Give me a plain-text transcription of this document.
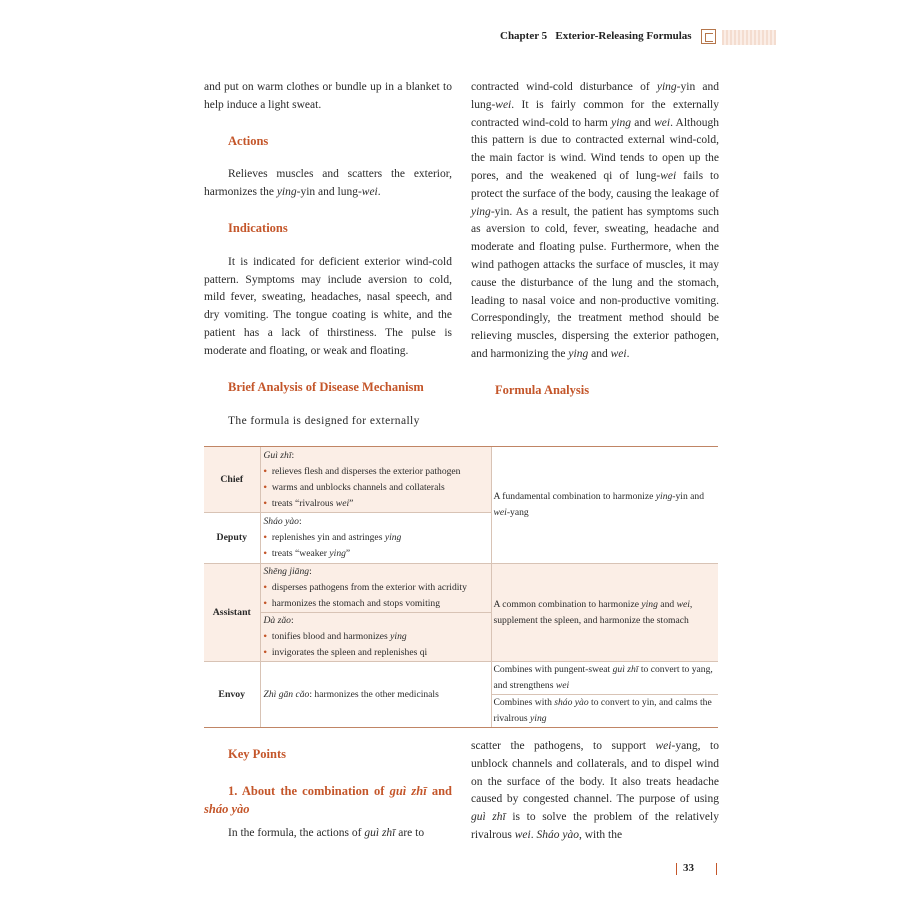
Chapter 5 Exterior-Releasing Formulas

and put on warm clothes or bundle up in a blanket to help induce a light sweat.

Actions

Relieves muscles and scatters the exterior, harmonizes the ying-yin and lung-wei.

Indications

It is indicated for deficient exterior wind-cold pattern. Symptoms may include aversion to cold, mild fever, sweating, headaches, nasal speech, and dry vomiting. The tongue coating is white, and the patient has a lack of thirstiness. The pulse is moderate and floating, or weak and floating.

Brief Analysis of Disease Mechanism

The formula is designed for externally

contracted wind-cold disturbance of ying-yin and lung-wei. It is fairly common for the externally contracted wind-cold to harm ying and wei. Although this pattern is due to contracted external wind-cold, the main factor is wind. Wind tends to open up the pores, and the weakened qi of lung-wei fails to protect the surface of the body, causing the leakage of ying-yin. As a result, the patient has symptoms such as aversion to cold, fever, sweating, headache and moderate and floating pulse. Furthermore, when the wind pathogen attacks the surface of muscles, it may cause the disturbance of the lung and the stomach, leading to nasal voice and non-productive vomiting. Correspondingly, the treatment method should be relieving muscles, dispersing the exterior pathogen, and harmonizing the ying and wei.

Formula Analysis

Chief	Guì zhī:
• relieves flesh and disperses the exterior pathogen
• warms and unblocks channels and collaterals
• treats “rivalrous wei”	A fundamental combination to harmonize ying-yin and wei-yang
Deputy	Sháo yào:
• replenishes yin and astringes ying
• treats “weaker ying”

Assistant	Shēng jiāng:
• disperses pathogens from the exterior with acridity
• harmonizes the stomach and stops vomiting	A common combination to harmonize ying and wei, supplement the spleen, and harmonize the stomach

	Dà zăo:
• tonifies blood and harmonizes ying
• invigorates the spleen and replenishes qi

Envoy	Zhì gān căo: harmonizes the other medicinals	Combines with pungent-sweat guì zhī to convert to yang, and strengthens wei
		Combines with sháo yào to convert to yin, and calms the rivalrous ying

Key Points

1. About the combination of guì zhī and sháo yào

In the formula, the actions of guì zhī are to

scatter the pathogens, to support wei-yang, to unblock channels and collaterals, and to dispel wind on the surface of the body. It also treats headache caused by congested channel. The purpose of using guì zhī is to solve the problem of the relatively rivalrous wei. Sháo yào, with the

33
